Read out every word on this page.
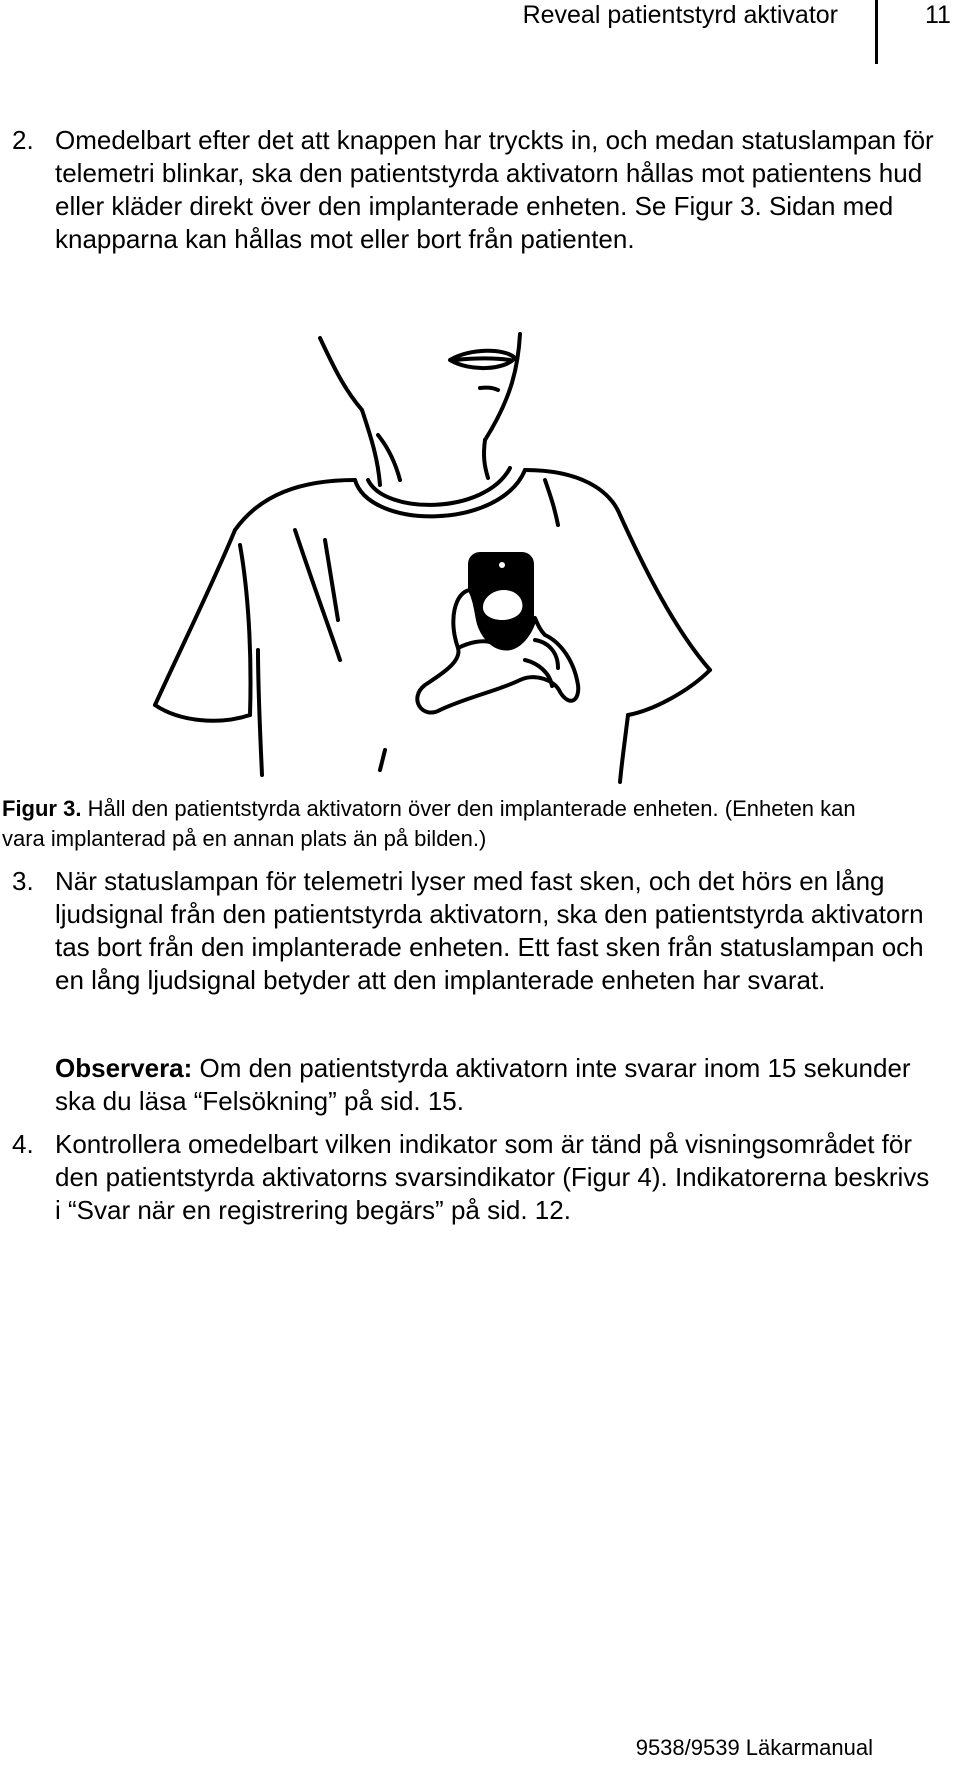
Reveal patientstyrd aktivator	11
2. Omedelbart efter det att knappen har tryckts in, och medan statuslampan för telemetri blinkar, ska den patientstyrda aktivatorn hållas mot patientens hud eller kläder direkt över den implanterade enheten. Se Figur 3. Sidan med knapparna kan hållas mot eller bort från patienten.

Figur 3. Håll den patientstyrda aktivatorn över den implanterade enheten. (Enheten kan vara implanterad på en annan plats än på bilden.)

3. När statuslampan för telemetri lyser med fast sken, och det hörs en lång ljudsignal från den patientstyrda aktivatorn, ska den patientstyrda aktivatorn tas bort från den implanterade enheten. Ett fast sken från statuslampan och en lång ljudsignal betyder att den implanterade enheten har svarat.
Observera: Om den patientstyrda aktivatorn inte svarar inom 15 sekunder ska du läsa “Felsökning” på sid. 15.
4. Kontrollera omedelbart vilken indikator som är tänd på visningsområdet för den patientstyrda aktivatorns svarsindikator (Figur 4). Indikatorerna beskrivs i “Svar när en registrering begärs” på sid. 12.
9538/9539 Läkarmanual
